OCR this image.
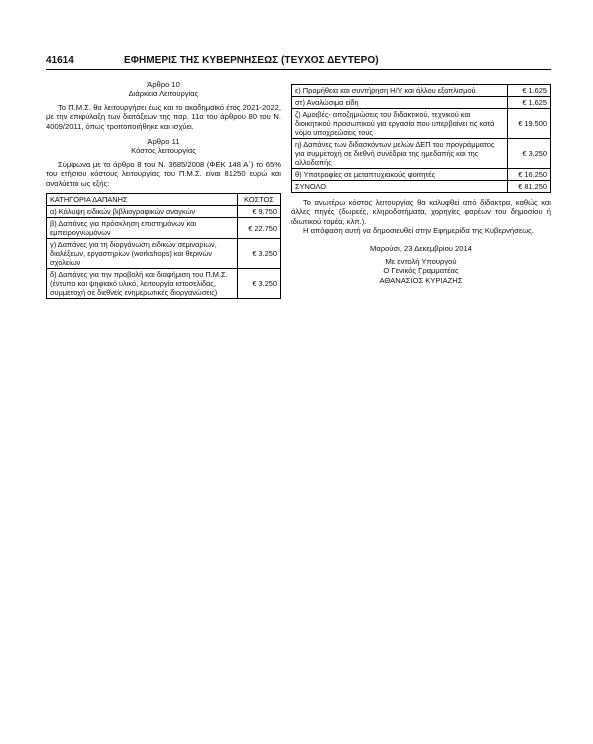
41614	ΕΦΗΜΕΡΙΣ ΤΗΣ ΚΥΒΕΡΝΗΣΕΩΣ (ΤΕΥΧΟΣ ΔΕΥΤΕΡΟ)
Άρθρο 10
Διάρκεια Λειτουργίας
Το Π.Μ.Σ. θα λειτουργήσει έως και το ακαδημαϊκό έτος 2021-2022, με την επιφύλαξη των διατάξεων της παρ. 11α του άρθρου 80 του Ν. 4009/2011, όπως τροποποιήθηκε και ισχύει.
Άρθρο 11
Κόστος λειτουργίας
Σύμφωνα με το άρθρο 8 του Ν. 3685/2008 (ΦΕΚ 148 Α΄) το 65% του ετήσιου κόστους λειτουργίας του Π.Μ.Σ. είναι 81250 ευρώ και αναλύεται ως εξής:
ΚΑΤΗΓΟΡΙΑ ΔΑΠΑΝΗΣ	ΚΟΣΤΟΣ
α) Κάλυψη ειδικών βιβλιογραφικών αναγκών	€ 9.750
β) Δαπάνες για πρόσκληση επιστημόνων και εμπειρογνωμόνων	€ 22.750
γ) Δαπάνες για τη διοργάνωση ειδικών σεμιναρίων, διαλέξεων, εργαστηρίων (workshops) και θερινών σχολείων	€ 3.250
δ) Δαπάνες για την προβολή και διαφήμιση του Π.Μ.Σ. (έντυπο και ψηφιακό υλικό, λειτουργία ιστοσελίδας, συμμετοχή σε διεθνείς ενημερωτικές διοργανώσεις)	€ 3.250
ε) Προμήθεια και συντήρηση Η/Υ και άλλου εξοπλισμού	€ 1.625
στ) Αναλώσιμα είδη	€ 1.625
ζ) Αμοιβές- αποζημιώσεις του διδακτικού, τεχνικού και διοικητικού προσωπικού για εργασία που υπερβαίνει τις κατά νόμο υποχρεώσεις τους	€ 19.500
η) Δαπάνες των διδασκόντων μελών ΔΕΠ του προγράμματος για συμμετοχή σε διεθνή συνέδρια της ημεδαπής και της αλλοδαπής	€ 3.250
θ) Υποτροφίες σε μεταπτυχιακούς φοιτητές	€ 16.250
ΣΥΝΟΛΟ	€ 81.250
Το ανωτέρω κόστος λειτουργίας θα καλυφθεί από δίδακτρα, καθώς και άλλες πηγές (δωρεές, κληροδοτήματα, χορηγίες φορέων του δημοσίου ή ιδιωτικού τομέα, κλπ.).
Η απόφαση αυτή να δημοσιευθεί στην Εφημερίδα της Κυβερνήσεως.
Μαρούσι, 23 Δεκεμβρίου 2014
Με εντολή Υπουργού
Ο Γενικός Γραμματέας
ΑΘΑΝΑΣΙΟΣ ΚΥΡΙΑΖΗΣ
